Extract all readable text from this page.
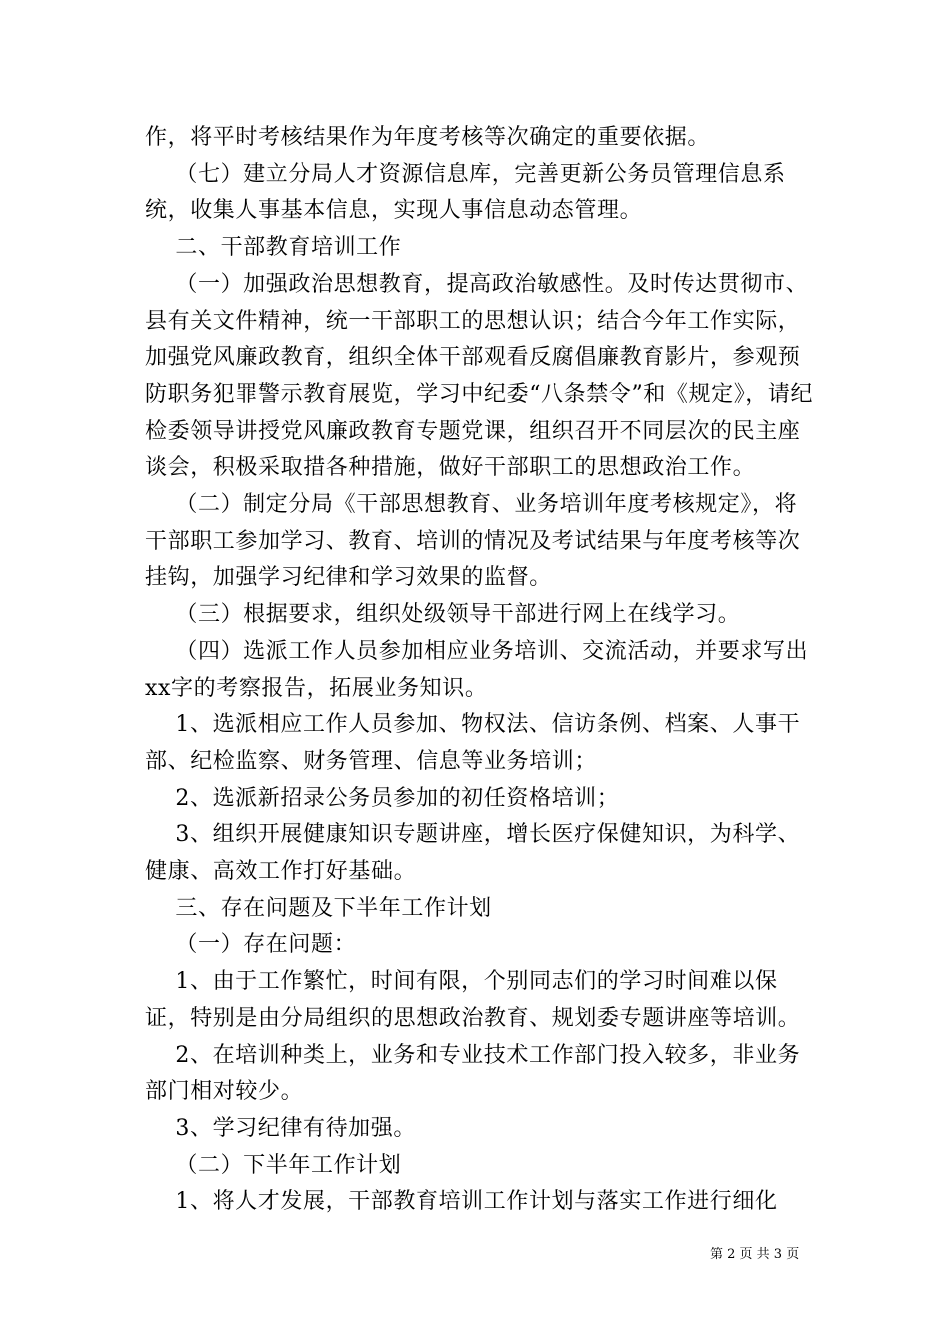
作，将平时考核结果作为年度考核等次确定的重要依据。

（七）建立分局人才资源信息库，完善更新公务员管理信息系统，收集人事基本信息，实现人事信息动态管理。

二、干部教育培训工作

（一）加强政治思想教育，提高政治敏感性。及时传达贯彻市、县有关文件精神，统一干部职工的思想认识；结合今年工作实际，加强党风廉政教育，组织全体干部观看反腐倡廉教育影片，参观预防职务犯罪警示教育展览，学习中纪委“八条禁令”和《规定》，请纪检委领导讲授党风廉政教育专题党课，组织召开不同层次的民主座谈会，积极采取措各种措施，做好干部职工的思想政治工作。

（二）制定分局《干部思想教育、业务培训年度考核规定》，将干部职工参加学习、教育、培训的情况及考试结果与年度考核等次挂钩，加强学习纪律和学习效果的监督。

（三）根据要求，组织处级领导干部进行网上在线学习。

（四）选派工作人员参加相应业务培训、交流活动，并要求写出xx字的考察报告，拓展业务知识。

1、选派相应工作人员参加、物权法、信访条例、档案、人事干部、纪检监察、财务管理、信息等业务培训；

2、选派新招录公务员参加的初任资格培训；

3、组织开展健康知识专题讲座，增长医疗保健知识，为科学、健康、高效工作打好基础。

三、存在问题及下半年工作计划

（一）存在问题：

1、由于工作繁忙，时间有限，个别同志们的学习时间难以保证，特别是由分局组织的思想政治教育、规划委专题讲座等培训。

2、在培训种类上，业务和专业技术工作部门投入较多，非业务部门相对较少。

3、学习纪律有待加强。

（二）下半年工作计划

1、将人才发展，干部教育培训工作计划与落实工作进行细化

第 2 页 共 3 页
